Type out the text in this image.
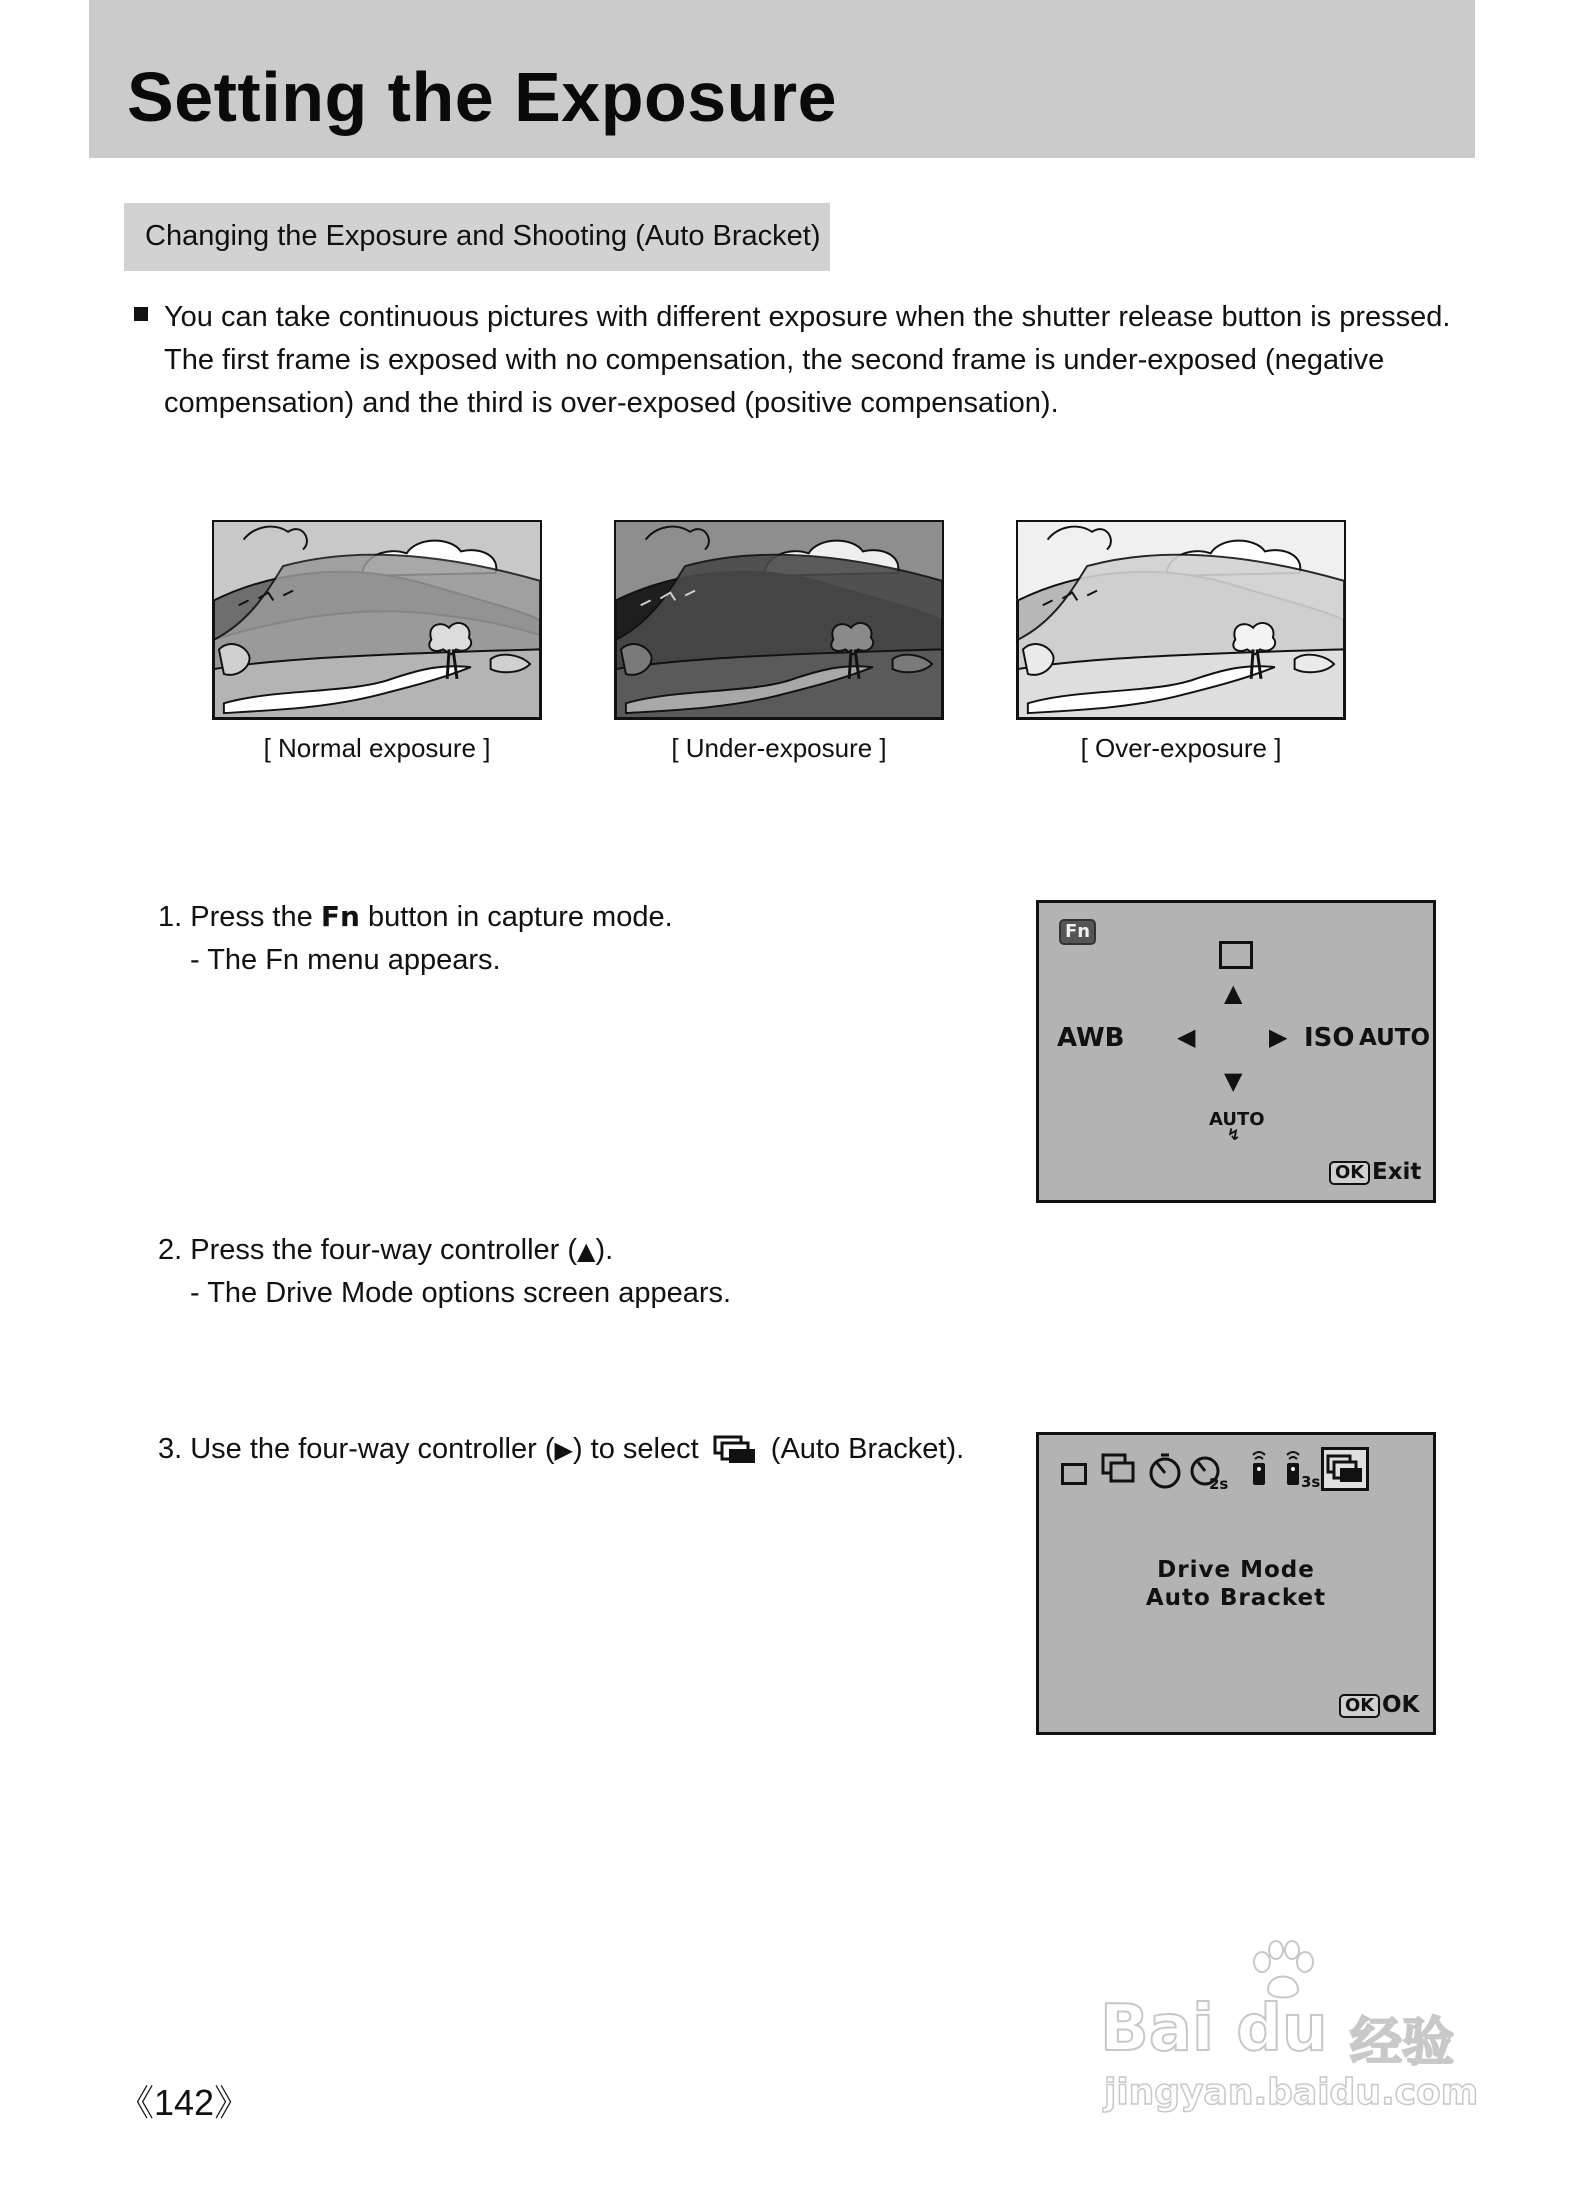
Setting the Exposure
Changing the Exposure and Shooting (Auto Bracket)
You can take continuous pictures with different exposure when the shutter release button is pressed.
The first frame is exposed with no compensation, the second frame is under-exposed (negative
compensation) and the third is over-exposed (positive compensation).
[ Normal exposure ]	[ Under-exposure ]	[ Over-exposure ]
1. Press the Fn button in capture mode.
- The Fn menu appears.
Fn
▲
AWB ◀	▶ ISO AUTO
▼
AUTO
↯
OK Exit
2. Press the four-way controller (▲).
- The Drive Mode options screen appears.
3. Use the four-way controller (▶) to select (Auto Bracket).
2s	3s
Drive Mode
Auto Bracket
OK OK
《142》
Bai du 经验
jingyan.baidu.com
